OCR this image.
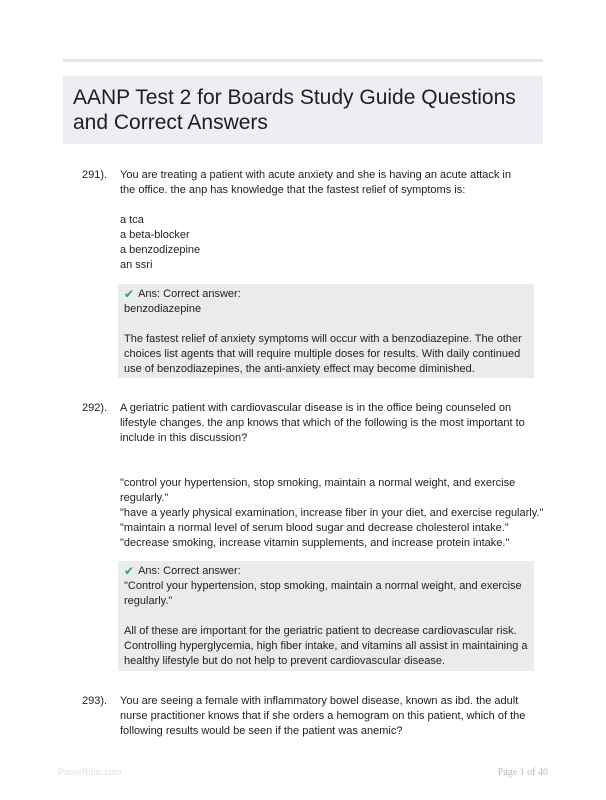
AANP Test 2 for Boards Study Guide Questions and Correct Answers
291). You are treating a patient with acute anxiety and she is having an acute attack in the office. the anp has knowledge that the fastest relief of symptoms is:
a tca
a beta-blocker
a benzodizepine
an ssri
✔ Ans: Correct answer:
benzodiazepine
The fastest relief of anxiety symptoms will occur with a benzodiazepine. The other choices list agents that will require multiple doses for results. With daily continued use of benzodiazepines, the anti-anxiety effect may become diminished.
292). A geriatric patient with cardiovascular disease is in the office being counseled on lifestyle changes. the anp knows that which of the following is the most important to include in this discussion?
"control your hypertension, stop smoking, maintain a normal weight, and exercise regularly."
"have a yearly physical examination, increase fiber in your diet, and exercise regularly."
"maintain a normal level of serum blood sugar and decrease cholesterol intake."
"decrease smoking, increase vitamin supplements, and increase protein intake."
✔ Ans: Correct answer:
"Control your hypertension, stop smoking, maintain a normal weight, and exercise regularly."
All of these are important for the geriatric patient to decrease cardiovascular risk. Controlling hyperglycemia, high fiber intake, and vitamins all assist in maintaining a healthy lifestyle but do not help to prevent cardiovascular disease.
293). You are seeing a female with inflammatory bowel disease, known as ibd. the adult nurse practitioner knows that if she orders a hemogram on this patient, which of the following results would be seen if the patient was anemic?
PaperRibic.com	Page 1 of 40
